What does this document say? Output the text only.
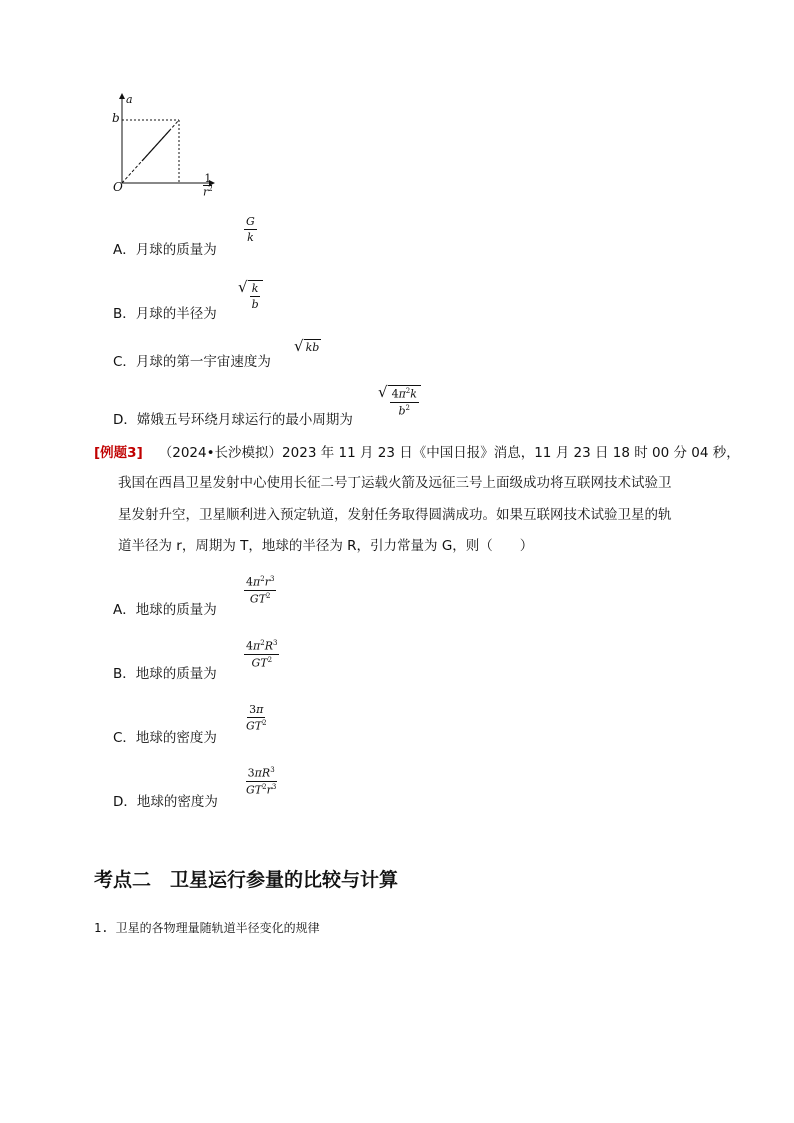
a
b
O	$\frac{1}{r^2}$
A．月球的质量为
$\frac{G}{k}$
B．月球的半径为
√ $\frac{k}{b}$
C．月球的第一宇宙速度为
√ kb
D．嫦娥五号环绕月球运行的最小周期为
√ $\frac{4\pi^2k}{b^2}$
[例题3] （2024•长沙模拟）2023 年 11 月 23 日《中国日报》消息，11 月 23 日 18 时 00 分 04 秒，
我国在西昌卫星发射中心使用长征二号丁运载火箭及远征三号上面级成功将互联网技术试验卫
星发射升空，卫星顺利进入预定轨道，发射任务取得圆满成功。如果互联网技术试验卫星的轨
道半径为 r，周期为 T，地球的半径为 R，引力常量为 G，则（　　）
A．地球的质量为
$\frac{4\pi^2r^3}{GT^2}$
B．地球的质量为
$\frac{4\pi^2R^3}{GT^2}$
C．地球的密度为
$\frac{3\pi}{GT^2}$
D．地球的密度为
$\frac{3\pi R^3}{GT^2r^3}$
考点二　卫星运行参量的比较与计算
1. 卫星的各物理量随轨道半径变化的规律
